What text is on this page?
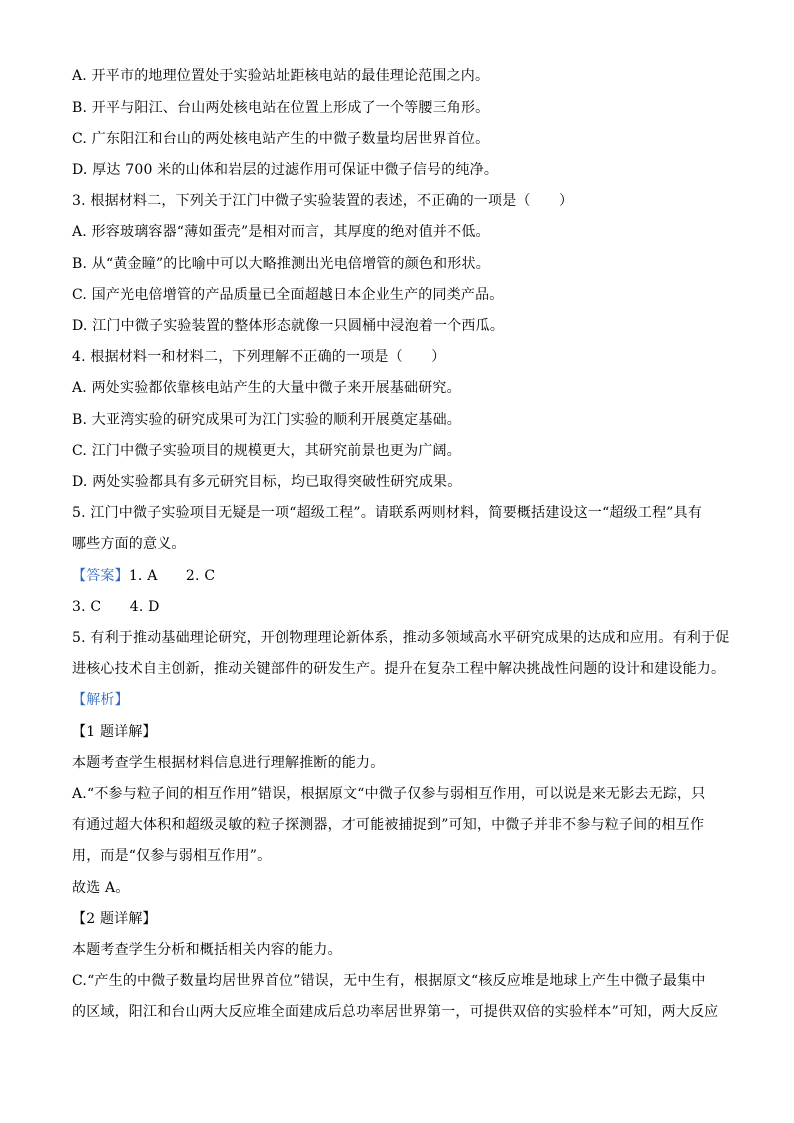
A. 开平市的地理位置处于实验站址距核电站的最佳理论范围之内。
B. 开平与阳江、台山两处核电站在位置上形成了一个等腰三角形。
C. 广东阳江和台山的两处核电站产生的中微子数量均居世界首位。
D. 厚达 700 米的山体和岩层的过滤作用可保证中微子信号的纯净。
3. 根据材料二，下列关于江门中微子实验装置的表述，不正确的一项是（　　）
A. 形容玻璃容器“薄如蛋壳”是相对而言，其厚度的绝对值并不低。
B. 从“黄金瞳”的比喻中可以大略推测出光电倍增管的颜色和形状。
C. 国产光电倍增管的产品质量已全面超越日本企业生产的同类产品。
D. 江门中微子实验装置的整体形态就像一只圆桶中浸泡着一个西瓜。
4. 根据材料一和材料二，下列理解不正确的一项是（　　）
A. 两处实验都依靠核电站产生的大量中微子来开展基础研究。
B. 大亚湾实验的研究成果可为江门实验的顺利开展奠定基础。
C. 江门中微子实验项目的规模更大，其研究前景也更为广阔。
D. 两处实验都具有多元研究目标，均已取得突破性研究成果。
5. 江门中微子实验项目无疑是一项“超级工程”。请联系两则材料，简要概括建设这一“超级工程”具有
哪些方面的意义。
【答案】1. A　　2. C
3. C　　4. D
5. 有利于推动基础理论研究，开创物理理论新体系，推动多领域高水平研究成果的达成和应用。有利于促
进核心技术自主创新，推动关键部件的研发生产。提升在复杂工程中解决挑战性问题的设计和建设能力。
【解析】
【1 题详解】
本题考查学生根据材料信息进行理解推断的能力。
A.“不参与粒子间的相互作用”错误，根据原文“中微子仅参与弱相互作用，可以说是来无影去无踪，只
有通过超大体积和超级灵敏的粒子探测器，才可能被捕捉到”可知，中微子并非不参与粒子间的相互作
用，而是“仅参与弱相互作用”。
故选 A。
【2 题详解】
本题考查学生分析和概括相关内容的能力。
C.“产生的中微子数量均居世界首位”错误，无中生有，根据原文“核反应堆是地球上产生中微子最集中
的区域，阳江和台山两大反应堆全面建成后总功率居世界第一，可提供双倍的实验样本”可知，两大反应
